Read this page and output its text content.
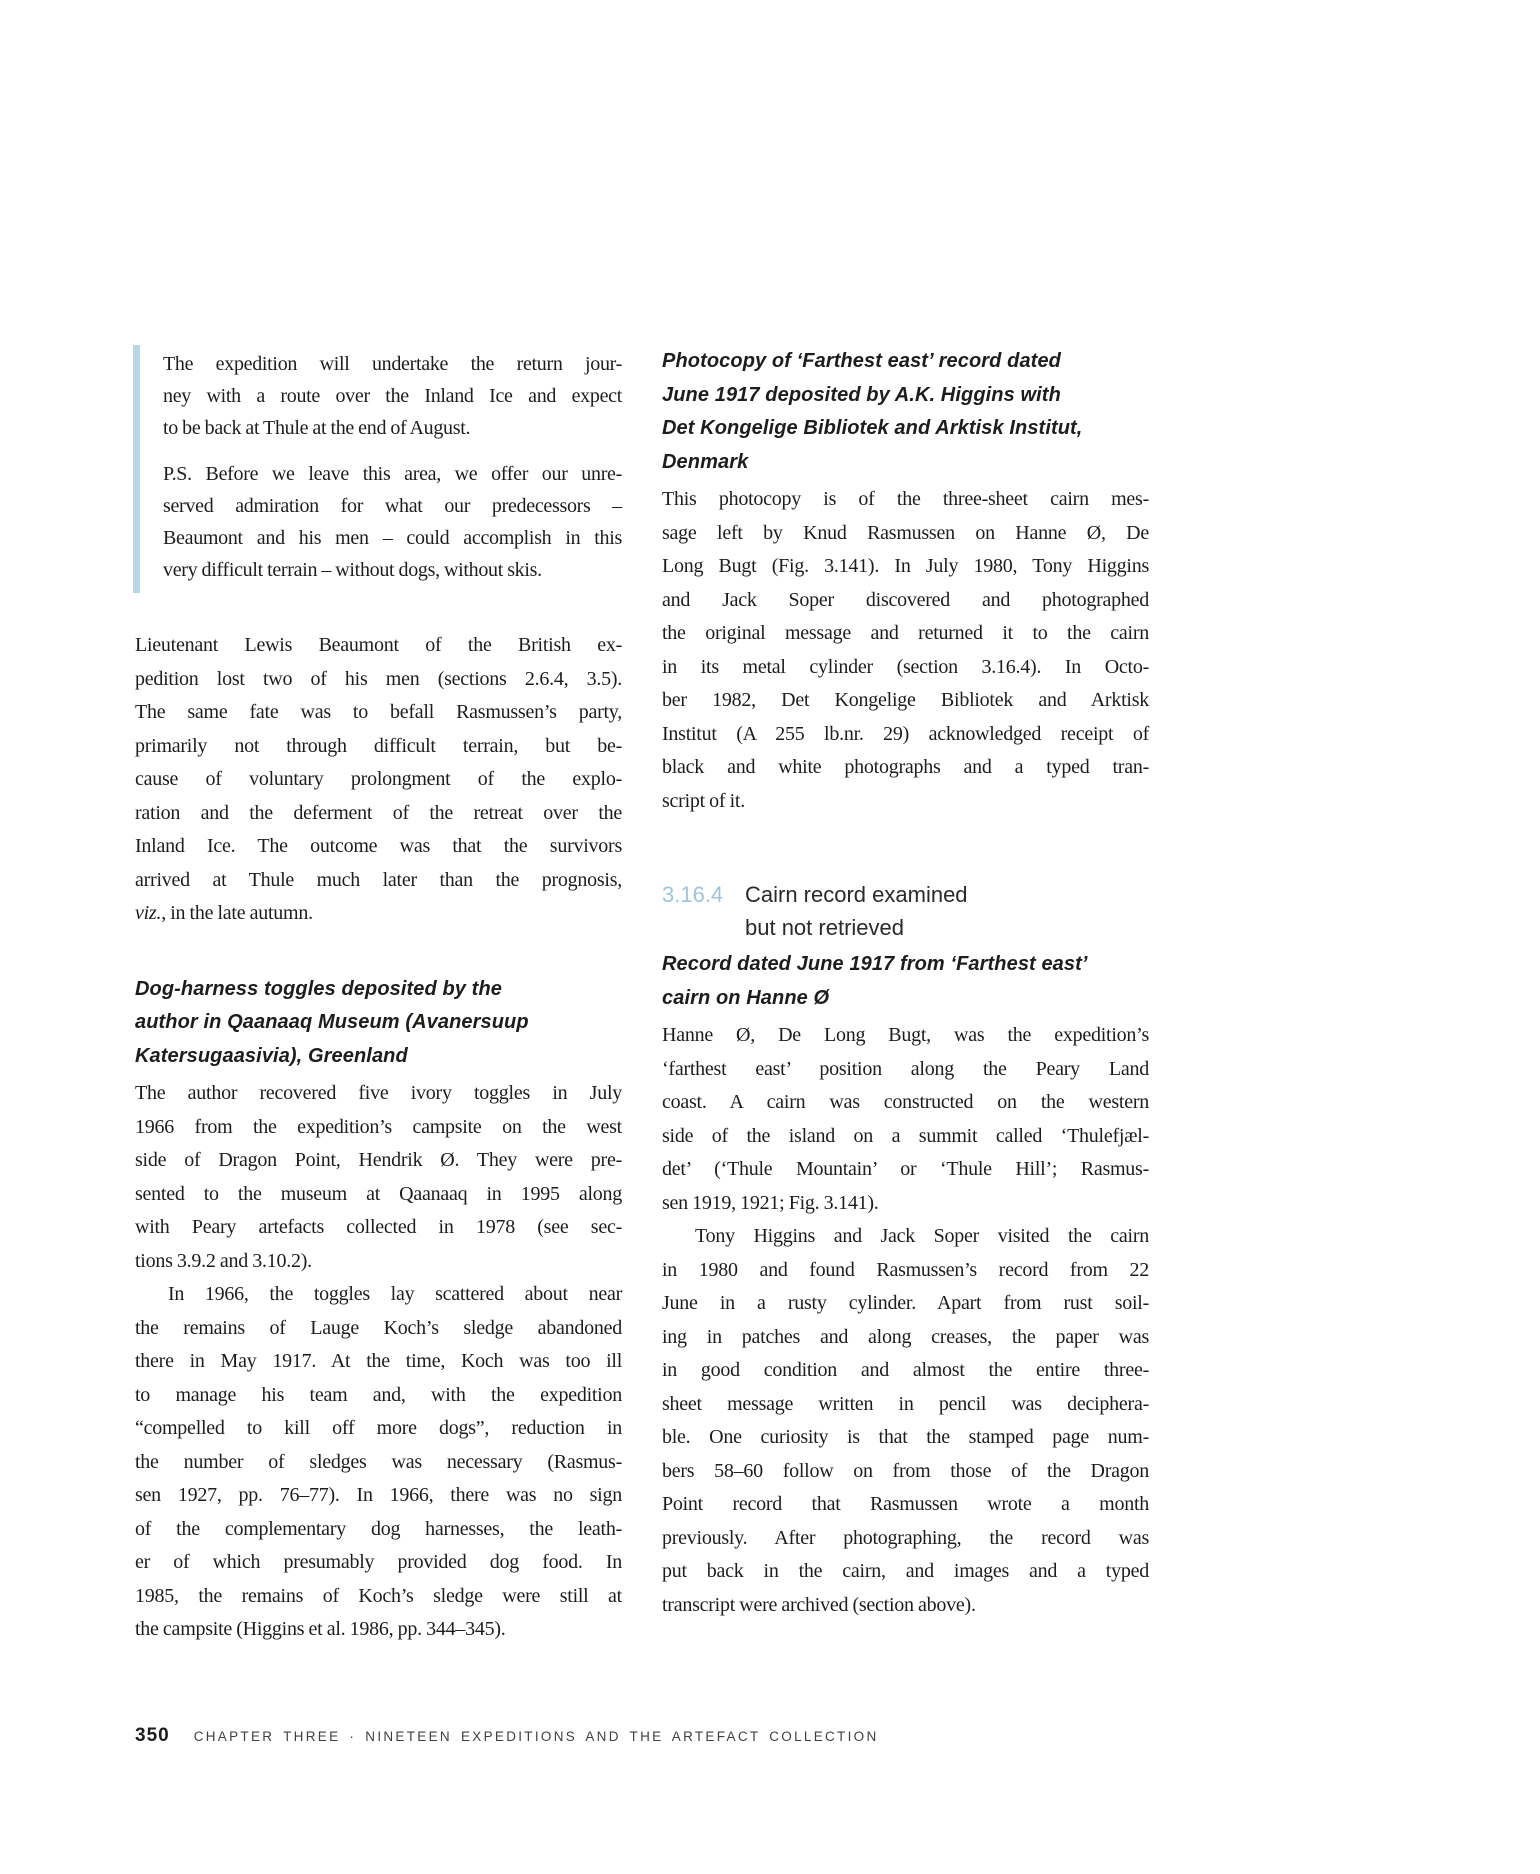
The expedition will undertake the return jour-
ney with a route over the Inland Ice and expect
to be back at Thule at the end of August.
P.S. Before we leave this area, we offer our unre-
served admiration for what our predecessors –
Beaumont and his men – could accomplish in this
very difficult terrain – without dogs, without skis.
Lieutenant Lewis Beaumont of the British ex-
pedition lost two of his men (sections 2.6.4, 3.5).
The same fate was to befall Rasmussen’s party,
primarily not through difficult terrain, but be-
cause of voluntary prolongment of the explo-
ration and the deferment of the retreat over the
Inland Ice. The outcome was that the survivors
arrived at Thule much later than the prognosis,
viz., in the late autumn.
Dog-harness toggles deposited by the
author in Qaanaaq Museum (Avanersuup
Katersugaasivia), Greenland
The author recovered five ivory toggles in July
1966 from the expedition’s campsite on the west
side of Dragon Point, Hendrik Ø. They were pre-
sented to the museum at Qaanaaq in 1995 along
with Peary artefacts collected in 1978 (see sec-
tions 3.9.2 and 3.10.2).
In 1966, the toggles lay scattered about near
the remains of Lauge Koch’s sledge abandoned
there in May 1917. At the time, Koch was too ill
to manage his team and, with the expedition
“compelled to kill off more dogs”, reduction in
the number of sledges was necessary (Rasmus-
sen 1927, pp. 76–77). In 1966, there was no sign
of the complementary dog harnesses, the leath-
er of which presumably provided dog food. In
1985, the remains of Koch’s sledge were still at
the campsite (Higgins et al. 1986, pp. 344–345).
Photocopy of ‘Farthest east’ record dated
June 1917 deposited by A.K. Higgins with
Det Kongelige Bibliotek and Arktisk Institut,
Denmark
This photocopy is of the three-sheet cairn mes-
sage left by Knud Rasmussen on Hanne Ø, De
Long Bugt (Fig. 3.141). In July 1980, Tony Higgins
and Jack Soper discovered and photographed
the original message and returned it to the cairn
in its metal cylinder (section 3.16.4). In Octo-
ber 1982, Det Kongelige Bibliotek and Arktisk
Institut (A 255 lb.nr. 29) acknowledged receipt of
black and white photographs and a typed tran-
script of it.
3.16.4 Cairn record examined
but not retrieved
Record dated June 1917 from ‘Farthest east’
cairn on Hanne Ø
Hanne Ø, De Long Bugt, was the expedition’s
‘farthest east’ position along the Peary Land
coast. A cairn was constructed on the western
side of the island on a summit called ‘Thulefjæl-
det’ (‘Thule Mountain’ or ‘Thule Hill’; Rasmus-
sen 1919, 1921; Fig. 3.141).
Tony Higgins and Jack Soper visited the cairn
in 1980 and found Rasmussen’s record from 22
June in a rusty cylinder. Apart from rust soil-
ing in patches and along creases, the paper was
in good condition and almost the entire three-
sheet message written in pencil was deciphera-
ble. One curiosity is that the stamped page num-
bers 58–60 follow on from those of the Dragon
Point record that Rasmussen wrote a month
previously. After photographing, the record was
put back in the cairn, and images and a typed
transcript were archived (section above).
350 CHAPTER THREE · NINETEEN EXPEDITIONS AND THE ARTEFACT COLLECTION
